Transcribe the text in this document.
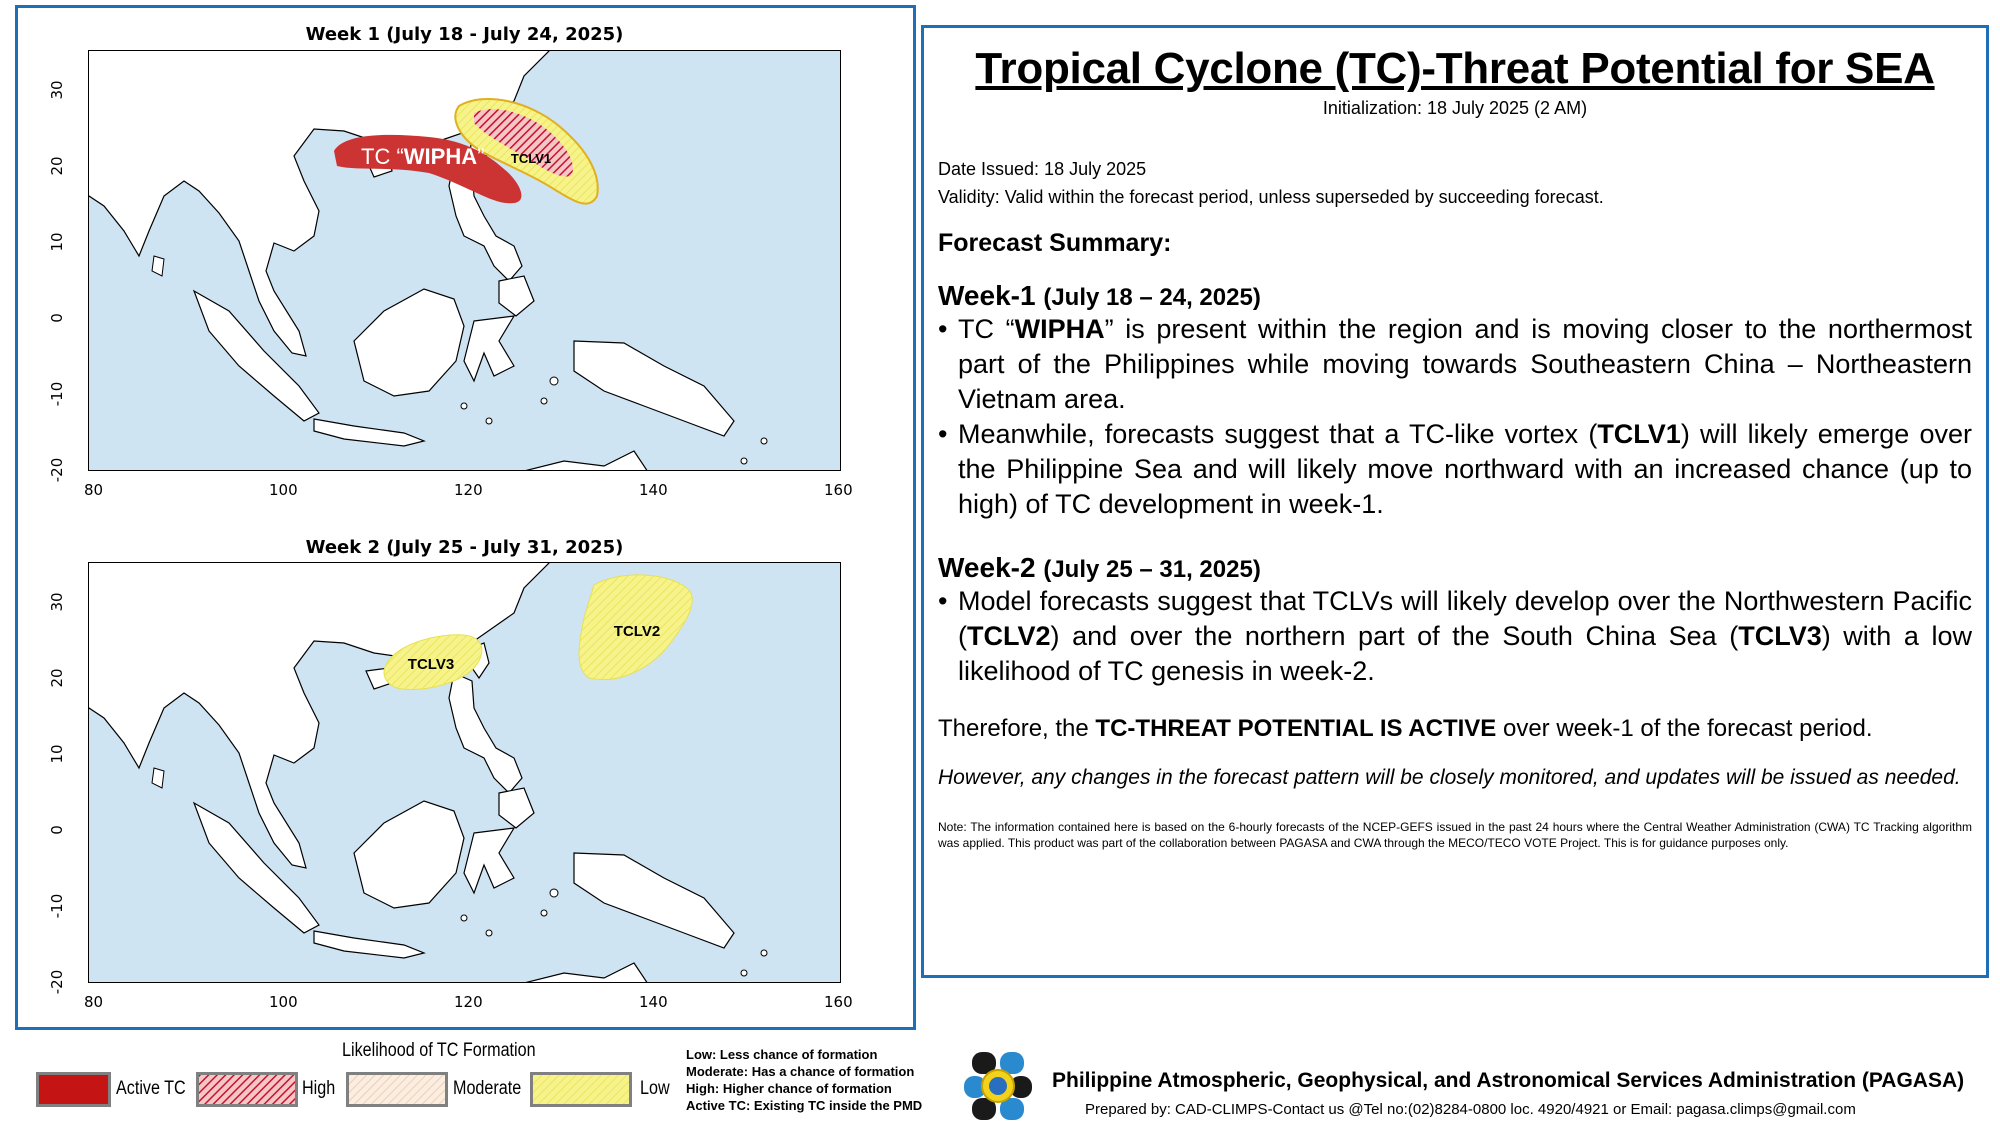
Week 1 (July 18 - July 24, 2025)
TC “WIPHA” TCLV1
Week 2 (July 25 - July 31, 2025)
TCLV2
TCLV3
80	100	120	140	160
30
20
10
0
-10
-20
80	100	120	140	160
30
20
10
0
-10
-20
Likelihood of TC Formation
Active TC	High	Moderate	Low
Low: Less chance of formation
Moderate: Has a chance of formation
High: Higher chance of formation
Active TC: Existing TC inside the PMD
Tropical Cyclone (TC)-Threat Potential for SEA
Initialization: 18 July 2025 (2 AM)
Date Issued: 18 July 2025
Validity: Valid within the forecast period, unless superseded by succeeding forecast.
Forecast Summary:
Week-1 (July 18 – 24, 2025)
• TC “WIPHA” is present within the region and is moving closer to the northermost part of the Philippines while moving towards Southeastern China – Northeastern Vietnam area.
• Meanwhile, forecasts suggest that a TC-like vortex (TCLV1) will likely emerge over the Philippine Sea and will likely move northward with an increased chance (up to high) of TC development in week-1.
Week-2 (July 25 – 31, 2025)
• Model forecasts suggest that TCLVs will likely develop over the Northwestern Pacific (TCLV2) and over the northern part of the South China Sea (TCLV3) with a low likelihood of TC genesis in week-2.
Therefore, the TC-THREAT POTENTIAL IS ACTIVE over week-1 of the forecast period.
However, any changes in the forecast pattern will be closely monitored, and updates will be issued as needed.
Note: The information contained here is based on the 6-hourly forecasts of the NCEP-GEFS issued in the past 24 hours where the Central Weather Administration (CWA) TC Tracking algorithm was applied. This product was part of the collaboration between PAGASA and CWA through the MECO/TECO VOTE Project. This is for guidance purposes only.
Philippine Atmospheric, Geophysical, and Astronomical Services Administration (PAGASA)
Prepared by: CAD-CLIMPS-Contact us @Tel no:(02)8284-0800 loc. 4920/4921 or Email: pagasa.climps@gmail.com
